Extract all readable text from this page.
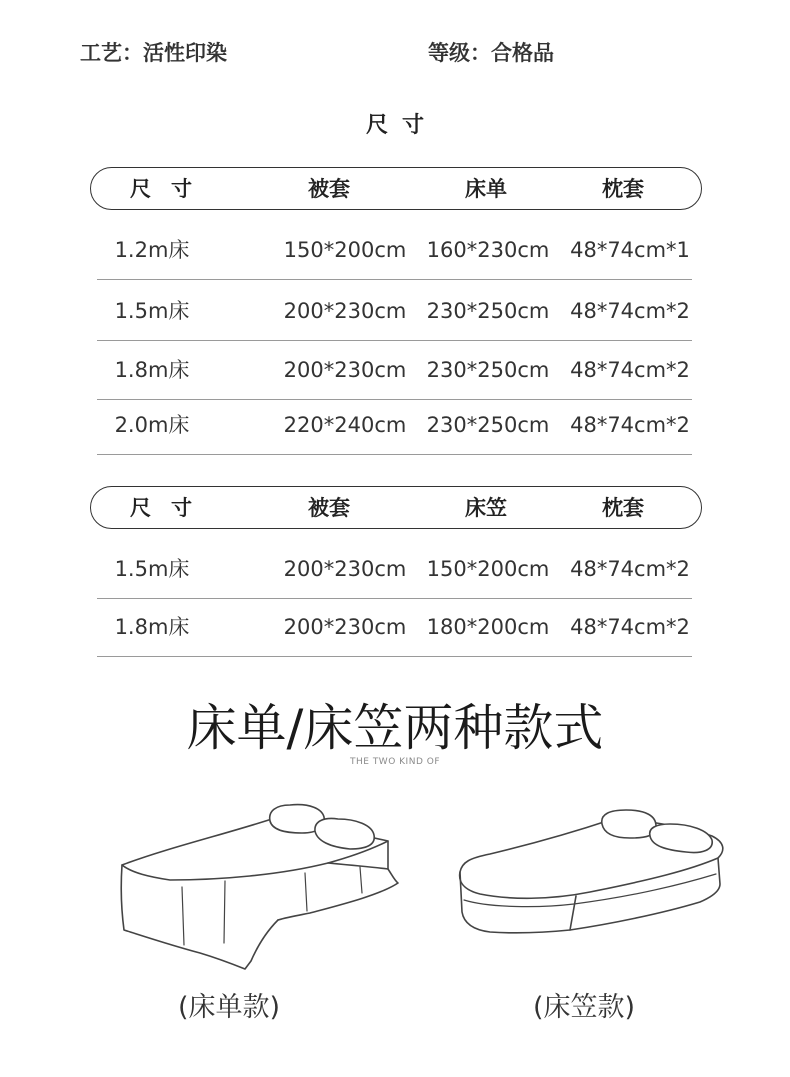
工艺：活性印染	等级：合格品
尺寸
尺寸	被套	床单	枕套
1.2m床	150*200cm 160*230cm 48*74cm*1
1.5m床	200*230cm 230*250cm 48*74cm*2
1.8m床	200*230cm 230*250cm 48*74cm*2
2.0m床	220*240cm 230*250cm 48*74cm*2
尺寸	被套	床笠	枕套
1.5m床	200*230cm 150*200cm 48*74cm*2
1.8m床	200*230cm 180*200cm 48*74cm*2
床单/床笠两种款式
THE TWO KIND OF
(床单款)	(床笠款)
